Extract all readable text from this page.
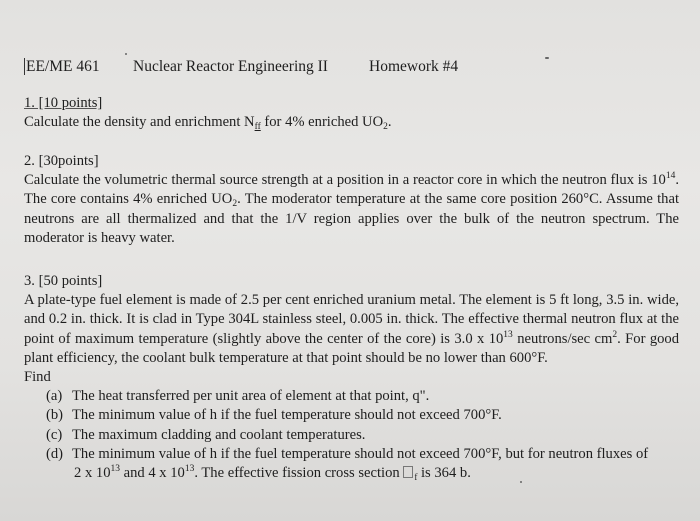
EE/ME 461 Nuclear Reactor Engineering II	Homework #4
1. [10 points]
Calculate the density and enrichment $N_{ff}$ for 4% enriched $UO_2$.
2. [30points]
Calculate the volumetric thermal source strength at a position in a reactor core in which the neutron flux is $10^{14}$. The core contains 4% enriched $UO_2$. The moderator temperature at the same core position 260°C. Assume that neutrons are all thermalized and that the 1/V region applies over the bulk of the neutron spectrum. The moderator is heavy water.
3. [50 points]
A plate-type fuel element is made of 2.5 per cent enriched uranium metal. The element is 5 ft long, 3.5 in. wide, and 0.2 in. thick. It is clad in Type 304L stainless steel, 0.005 in. thick. The effective thermal neutron flux at the point of maximum temperature (slightly above the center of the core) is 3.0 x $10^{13}$ neutrons/sec $cm^2$. For good plant efficiency, the coolant bulk temperature at that point should be no lower than 600°F.
Find
(a) The heat transferred per unit area of element at that point, q".
(b) The minimum value of h if the fuel temperature should not exceed 700°F.
(c) The maximum cladding and coolant temperatures.
(d) The minimum value of h if the fuel temperature should not exceed 700°F, but for neutron fluxes of
2 x $10^{13}$ and 4 x $10^{13}$. The effective fission cross section $_f$ is 364 b.
